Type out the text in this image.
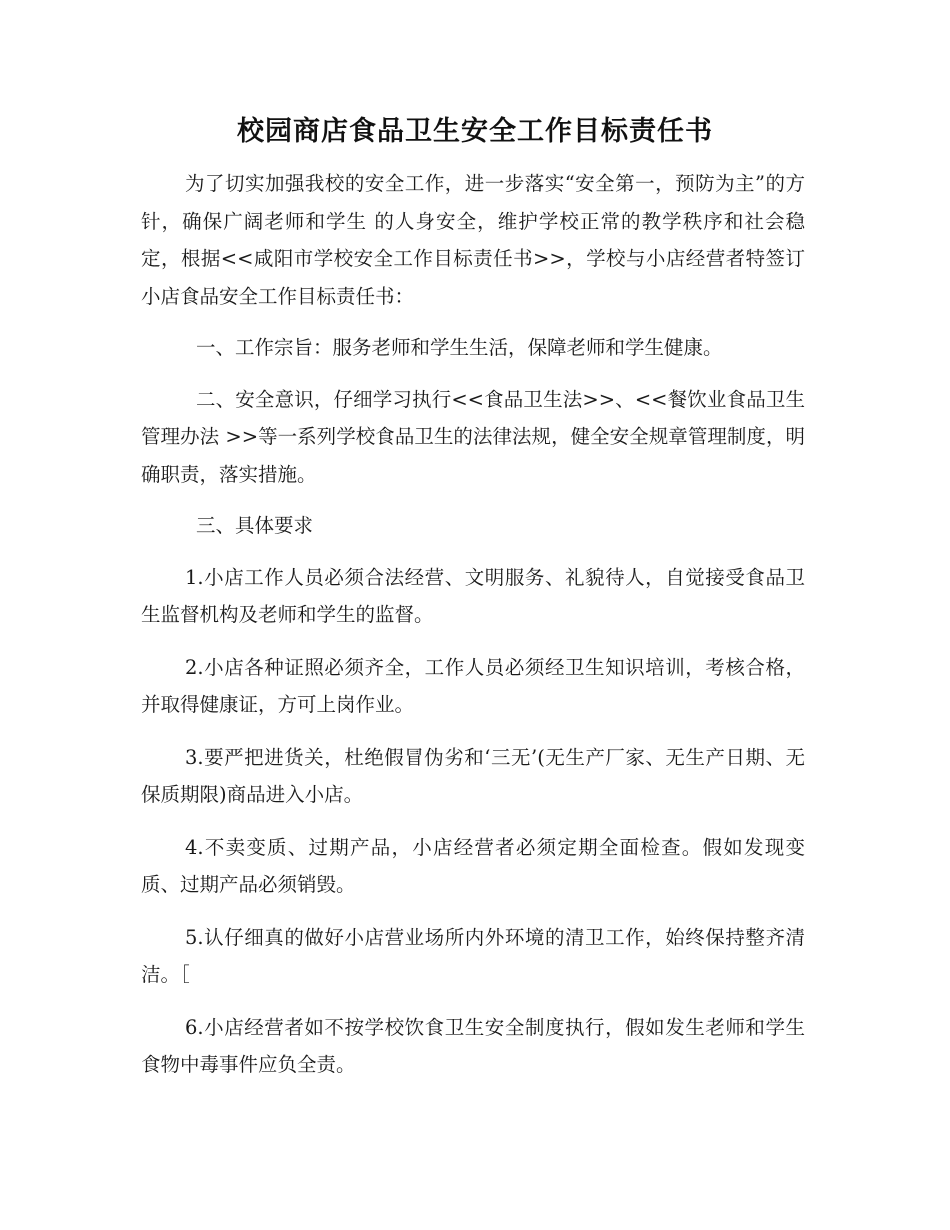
校园商店食品卫生安全工作目标责任书

为了切实加强我校的安全工作，进一步落实“安全第一，预防为主”的方针，确保广阔老师和学生 的人身安全，维护学校正常的教学秩序和社会稳定，根据<<咸阳市学校安全工作目标责任书>>，学校与小店经营者特签订小店食品安全工作目标责任书：

一、工作宗旨：服务老师和学生生活，保障老师和学生健康。

二、安全意识，仔细学习执行<<食品卫生法>>、<<餐饮业食品卫生管理办法 >>等一系列学校食品卫生的法律法规，健全安全规章管理制度，明确职责，落实措施。

三、具体要求

1.小店工作人员必须合法经营、文明服务、礼貌待人，自觉接受食品卫生监督机构及老师和学生的监督。

2.小店各种证照必须齐全，工作人员必须经卫生知识培训，考核合格，并取得健康证，方可上岗作业。

3.要严把进货关，杜绝假冒伪劣和‘三无’(无生产厂家、无生产日期、无保质期限)商品进入小店。

4.不卖变质、过期产品，小店经营者必须定期全面检查。假如发现变质、过期产品必须销毁。

5.认仔细真的做好小店营业场所内外环境的清卫工作，始终保持整齐清洁。［

6.小店经营者如不按学校饮食卫生安全制度执行，假如发生老师和学生食物中毒事件应负全责。
